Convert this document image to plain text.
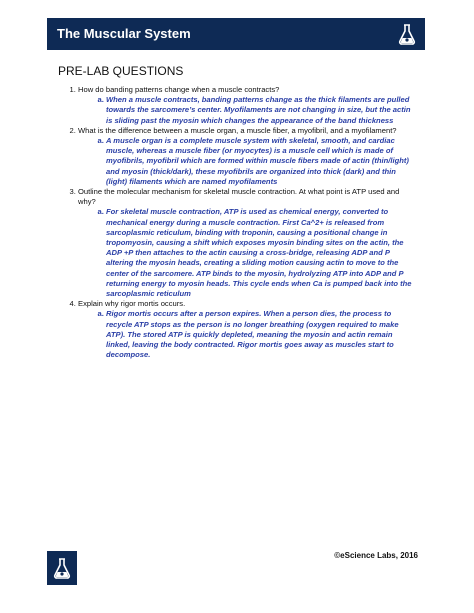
The Muscular System
PRE-LAB QUESTIONS
1. How do banding patterns change when a muscle contracts?
a. When a muscle contracts, banding patterns change as the thick filaments are pulled towards the sarcomere’s center. Myofilaments are not changing in size, but the actin is sliding past the myosin which changes the appearance of the band thickness
2. What is the difference between a muscle organ, a muscle fiber, a myofibril, and a myofilament?
a. A muscle organ is a complete muscle system with skeletal, smooth, and cardiac muscle, whereas a muscle fiber (or myocytes) is a muscle cell which is made of myofibrils, myofibril which are formed within muscle fibers made of actin (thin/light) and myosin (thick/dark), these myofibrils are organized into thick (dark) and thin (light) filaments which are named myofilaments
3. Outline the molecular mechanism for skeletal muscle contraction. At what point is ATP used and why?
a. For skeletal muscle contraction, ATP is used as chemical energy, converted to mechanical energy during a muscle contraction. First Ca^2+ is released from sarcoplasmic reticulum, binding with troponin, causing a positional change in tropomyosin, causing a shift which exposes myosin binding sites on the actin, the ADP +P then attaches to the actin causing a cross-bridge, releasing ADP and P altering the myosin heads, creating a sliding motion causing actin to move to the center of the sarcomere. ATP binds to the myosin, hydrolyzing ATP into ADP and P returning energy to myosin heads. This cycle ends when Ca is pumped back into the sarcoplasmic reticulum
4. Explain why rigor mortis occurs.
a. Rigor mortis occurs after a person expires. When a person dies, the process to recycle ATP stops as the person is no longer breathing (oxygen required to make ATP). The stored ATP is quickly depleted, meaning the myosin and actin remain linked, leaving the body contracted. Rigor mortis goes away as muscles start to decompose.
©eScience Labs, 2016
